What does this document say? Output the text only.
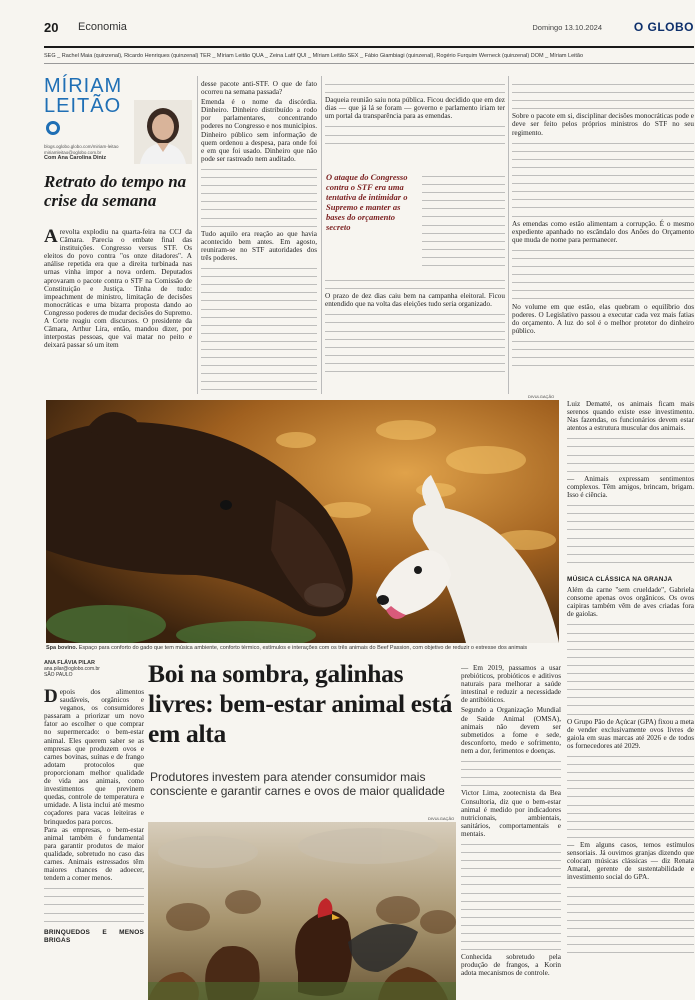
20 Economia	Domingo 13.10.2024	O GLOBO
SEG _ Rachel Maia (quinzenal), Ricardo Henriques (quinzenal) TER _ Míriam Leitão QUA _ Zeina Latif QUI _ Míriam Leitão SEX _ Fábio Giambiagi (quinzenal), Rogério Furquim Werneck (quinzenal) DOM _ Míriam Leitão
MÍRIAM
LEITÃO
blogs.oglobo.globo.com/miriam-leitao
miriamleitao@oglobo.com.br
Com Ana Carolina Diniz
Retrato do tempo na crise da semana
Arevolta explodiu na quarta-feira na CCJ da Câmara. Parecia o embate final das instituições. Congresso versus STF. Os eleitos do povo contra "os onze ditadores". A análise repetida era que a direita turbinada nas urnas vinha impor a nova ordem. Deputados aprovaram o pacote contra o STF na Comissão de Constituição e Justiça. Tinha de tudo: impeachment de ministro, limitação de decisões monocráticas e uma bizarra proposta dando ao Congresso poderes de mudar decisões do Supremo. A Corte reagiu com discursos. O presidente da Câmara, Arthur Lira, então, mandou dizer, por interpostas pessoas, que vai matar no peito e deixará passar só um item

desse pacote anti-STF. O que de fato ocorreu na semana passada?

Emenda é o nome da discórdia. Dinheiro. Dinheiro distribuído a rodo por parlamentares, concentrando poderes no Congresso e nos municípios. Dinheiro público sem informação de quem ordenou a despesa, para onde foi e em que foi usado. Dinheiro que não pode ser rastreado nem auditado.

Tudo aquilo era reação ao que havia acontecido bem antes. Em agosto, reuniram-se no STF autoridades dos três poderes.

Daqueia reunião saiu nota pública. Ficou decidido que em dez dias — que já lá se foram — governo e parlamento iriam ter um portal da transparência para as emendas.

O ataque do Congresso contra o STF era uma tentativa de intimidar o Supremo e manter as bases do orçamento secreto

O prazo de dez dias caiu bem na campanha eleitoral. Ficou entendido que na volta das eleições tudo seria organizado.

Sobre o pacote em si, disciplinar decisões monocráticas pode e deve ser feito pelos próprios ministros do STF no seu regimento.

As emendas como estão alimentam a corrupção. É o mesmo expediente apanhado no escândalo dos Anões do Orçamento que muda de nome para permanecer.

No volume em que estão, elas quebram o equilíbrio dos poderes. O Legislativo passou a executar cada vez mais fatias do orçamento. A luz do sol é o melhor protetor do dinheiro público.

DIVULGAÇÃO
Spa bovino. Espaço para conforto do gado que tem música ambiente, conforto térmico, estímulos e interações com os três animais do Beef Passion, com objetivo de reduzir o estresse dos animais

Luiz Dematté, os animais ficam mais serenos quando existe esse investimento. Nas fazendas, os funcionários devem estar atentos a estrutura muscular dos animais.

— Animais expressam sentimentos complexos. Têm amigos, brincam, brigam. Isso é ciência.

MÚSICA CLÁSSICA NA GRANJA

Além da carne "sem crueldade", Gabriela consome apenas ovos orgânicos. Os ovos caipiras também vêm de aves criadas fora de gaiolas.

O Grupo Pão de Açúcar (GPA) fixou a meta de vender exclusivamente ovos livres de gaiola em suas marcas até 2026 e de todos os fornecedores até 2029.

— Em alguns casos, temos estímulos sensoriais. Já ouvimos granjas dizendo que colocam músicas clássicas — diz Renata Amaral, gerente de sustentabilidade e investimento social do GPA.

ANA FLÁVIA PILAR
ana.pilar@oglobo.com.br
SÃO PAULO	Boi na sombra, galinhas livres: bem-estar animal está em alta
Produtores investem para atender consumidor mais consciente e garantir carnes e ovos de maior qualidade
Depois dos alimentos saudáveis, orgânicos e veganos, os consumidores passaram a priorizar um novo fator ao escolher o que comprar no supermercado: o bem-estar animal. Eles querem saber se as empresas que produzem ovos e carnes bovinas, suínas e de frango adotam protocolos que proporcionam melhor qualidade de vida aos animais, como investimentos que previnem quedas, controle de temperatura e umidade. A lista inclui até mesmo coçadores para vacas leiteiras e brinquedos para porcos.

Para as empresas, o bem-estar animal também é fundamental para garantir produtos de maior qualidade, sobretudo no caso das carnes. Animais estressados têm maiores chances de adoecer, tendem a comer menos.

BRINQUEDOS E MENOS BRIGAS

— Em 2019, passamos a usar prebióticos, probióticos e aditivos naturais para melhorar a saúde intestinal e reduzir a necessidade de antibióticos.

Segundo a Organização Mundial de Saúde Animal (OMSA), animais não devem ser submetidos a fome e sede, desconforto, medo e sofrimento, nem a dor, ferimentos e doenças.

Victor Lima, zootecnista da Bea Consultoria, diz que o bem-estar animal é medido por indicadores nutricionais, ambientais, sanitários, comportamentais e mentais.

Conhecida sobretudo pela produção de frangos, a Korin adota mecanismos de controle.

DIVULGAÇÃO
